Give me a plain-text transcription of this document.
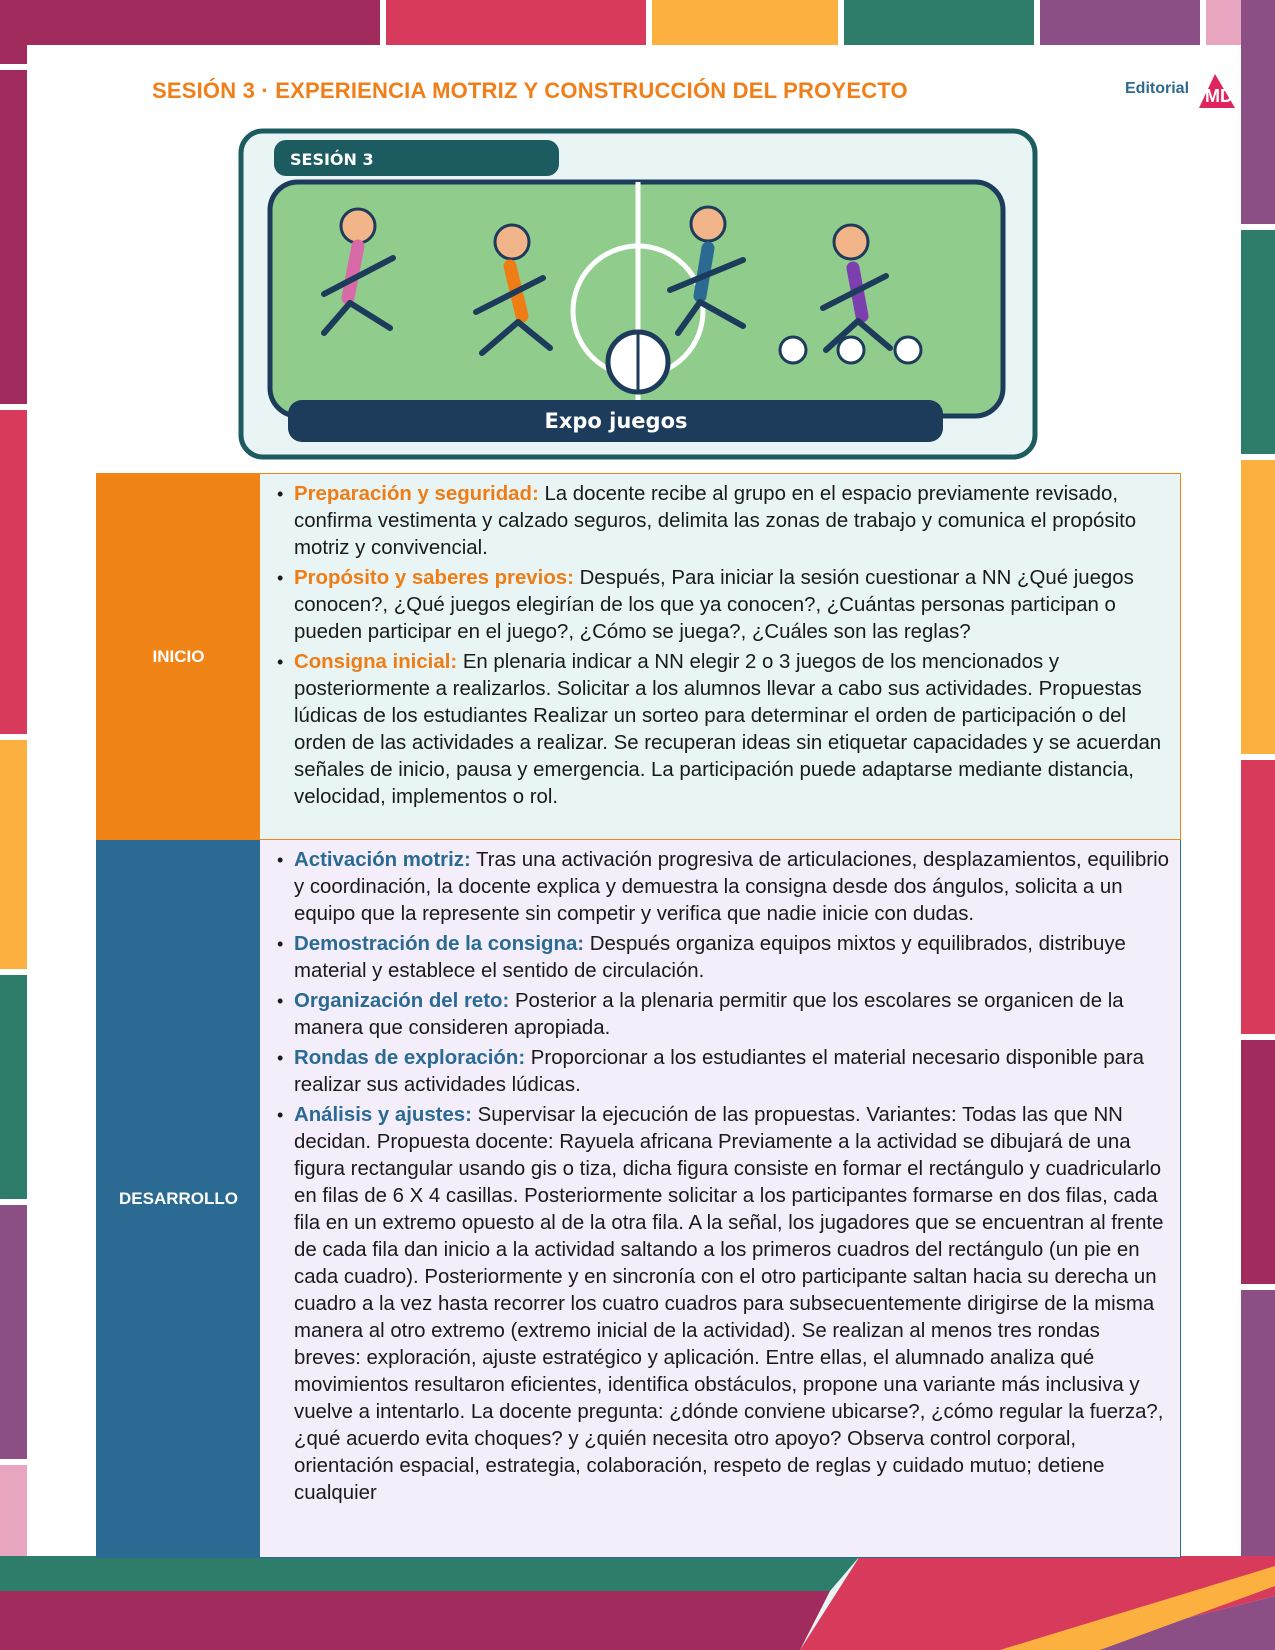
SESIÓN 3 · EXPERIENCIA MOTRIZ Y CONSTRUCCIÓN DEL PROYECTO	Editorial MD
SESIÓN 3
Expo juegos
INICIO
• Preparación y seguridad: La docente recibe al grupo en el espacio previamente revisado, confirma vestimenta y calzado seguros, delimita las zonas de trabajo y comunica el propósito motriz y convivencial.
• Propósito y saberes previos: Después, Para iniciar la sesión cuestionar a NN ¿Qué juegos conocen?, ¿Qué juegos elegirían de los que ya conocen?, ¿Cuántas personas participan o pueden participar en el juego?, ¿Cómo se juega?, ¿Cuáles son las reglas?
• Consigna inicial: En plenaria indicar a NN elegir 2 o 3 juegos de los mencionados y posteriormente a realizarlos. Solicitar a los alumnos llevar a cabo sus actividades. Propuestas lúdicas de los estudiantes Realizar un sorteo para determinar el orden de participación o del orden de las actividades a realizar. Se recuperan ideas sin etiquetar capacidades y se acuerdan señales de inicio, pausa y emergencia. La participación puede adaptarse mediante distancia, velocidad, implementos o rol.
DESARROLLO
• Activación motriz: Tras una activación progresiva de articulaciones, desplazamientos, equilibrio y coordinación, la docente explica y demuestra la consigna desde dos ángulos, solicita a un equipo que la represente sin competir y verifica que nadie inicie con dudas.
• Demostración de la consigna: Después organiza equipos mixtos y equilibrados, distribuye material y establece el sentido de circulación.
• Organización del reto: Posterior a la plenaria permitir que los escolares se organicen de la manera que consideren apropiada.
• Rondas de exploración: Proporcionar a los estudiantes el material necesario disponible para realizar sus actividades lúdicas.
• Análisis y ajustes: Supervisar la ejecución de las propuestas. Variantes: Todas las que NN decidan. Propuesta docente: Rayuela africana Previamente a la actividad se dibujará de una figura rectangular usando gis o tiza, dicha figura consiste en formar el rectángulo y cuadricularlo en filas de 6 X 4 casillas. Posteriormente solicitar a los participantes formarse en dos filas, cada fila en un extremo opuesto al de la otra fila. A la señal, los jugadores que se encuentran al frente de cada fila dan inicio a la actividad saltando a los primeros cuadros del rectángulo (un pie en cada cuadro). Posteriormente y en sincronía con el otro participante saltan hacia su derecha un cuadro a la vez hasta recorrer los cuatro cuadros para subsecuentemente dirigirse de la misma manera al otro extremo (extremo inicial de la actividad). Se realizan al menos tres rondas breves: exploración, ajuste estratégico y aplicación. Entre ellas, el alumnado analiza qué movimientos resultaron eficientes, identifica obstáculos, propone una variante más inclusiva y vuelve a intentarlo. La docente pregunta: ¿dónde conviene ubicarse?, ¿cómo regular la fuerza?, ¿qué acuerdo evita choques? y ¿quién necesita otro apoyo? Observa control corporal, orientación espacial, estrategia, colaboración, respeto de reglas y cuidado mutuo; detiene cualquier
